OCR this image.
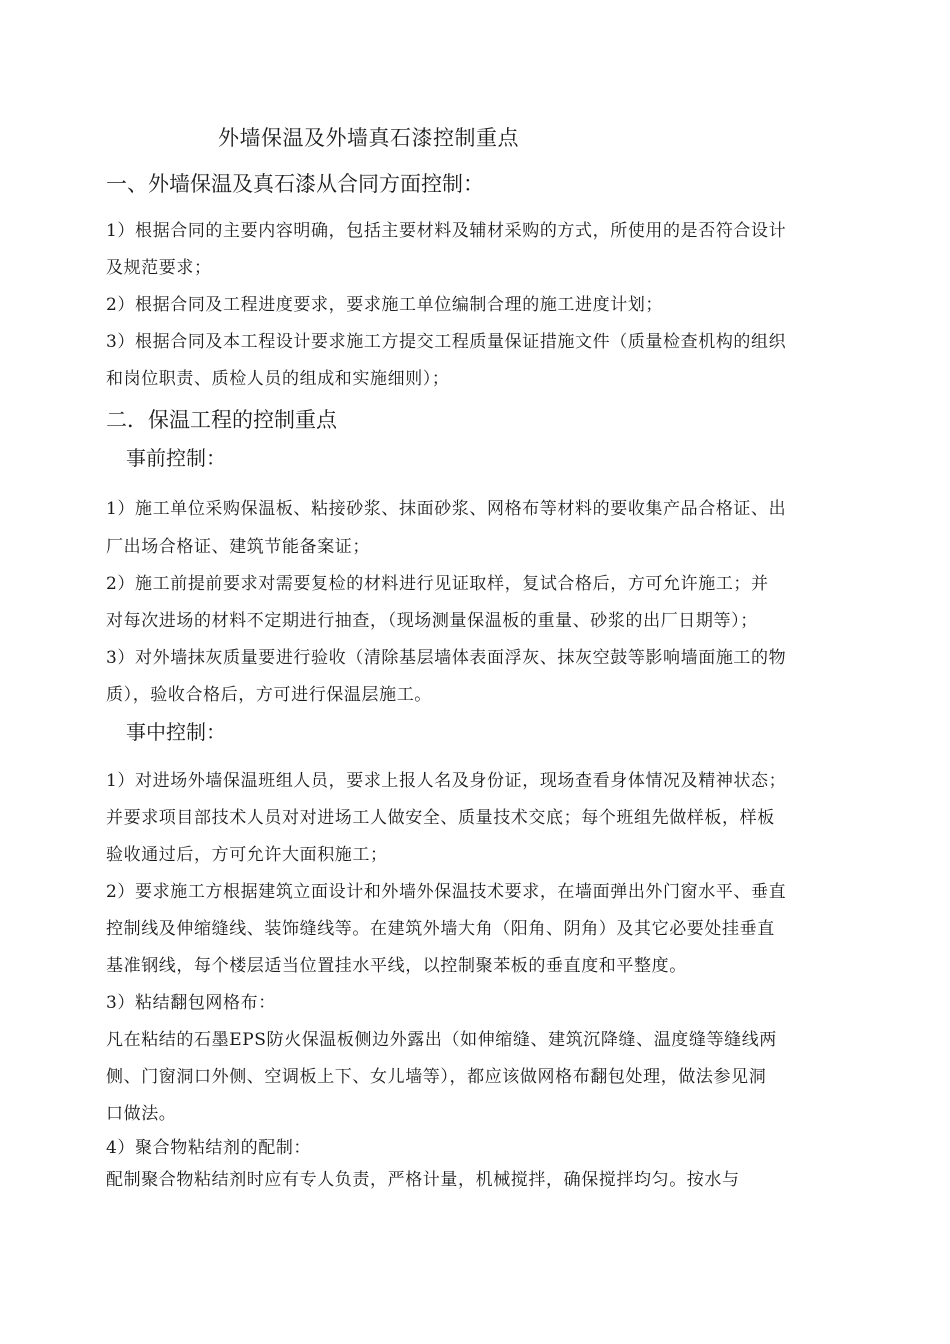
外墙保温及外墙真石漆控制重点

一、外墙保温及真石漆从合同方面控制：

1）根据合同的主要内容明确，包括主要材料及辅材采购的方式，所使用的是否符合设计

及规范要求；

2）根据合同及工程进度要求，要求施工单位编制合理的施工进度计划；

3）根据合同及本工程设计要求施工方提交工程质量保证措施文件（质量检查机构的组织

和岗位职责、质检人员的组成和实施细则）；

二．保温工程的控制重点

事前控制：

1）施工单位采购保温板、粘接砂浆、抹面砂浆、网格布等材料的要收集产品合格证、出

厂出场合格证、建筑节能备案证；

2）施工前提前要求对需要复检的材料进行见证取样，复试合格后，方可允许施工；并

对每次进场的材料不定期进行抽查，（现场测量保温板的重量、砂浆的出厂日期等）；

3）对外墙抹灰质量要进行验收（清除基层墙体表面浮灰、抹灰空鼓等影响墙面施工的物

质），验收合格后，方可进行保温层施工。

事中控制：

1）对进场外墙保温班组人员，要求上报人名及身份证，现场查看身体情况及精神状态；

并要求项目部技术人员对对进场工人做安全、质量技术交底；每个班组先做样板，样板

验收通过后，方可允许大面积施工；

2）要求施工方根据建筑立面设计和外墙外保温技术要求，在墙面弹出外门窗水平、垂直

控制线及伸缩缝线、装饰缝线等。在建筑外墙大角（阳角、阴角）及其它必要处挂垂直

基准钢线，每个楼层适当位置挂水平线，以控制聚苯板的垂直度和平整度。

3）粘结翻包网格布：

凡在粘结的石墨EPS防火保温板侧边外露出（如伸缩缝、建筑沉降缝、温度缝等缝线两

侧、门窗洞口外侧、空调板上下、女儿墙等），都应该做网格布翻包处理，做法参见洞

口做法。

4）聚合物粘结剂的配制：

配制聚合物粘结剂时应有专人负责，严格计量，机械搅拌，确保搅拌均匀。按水与
